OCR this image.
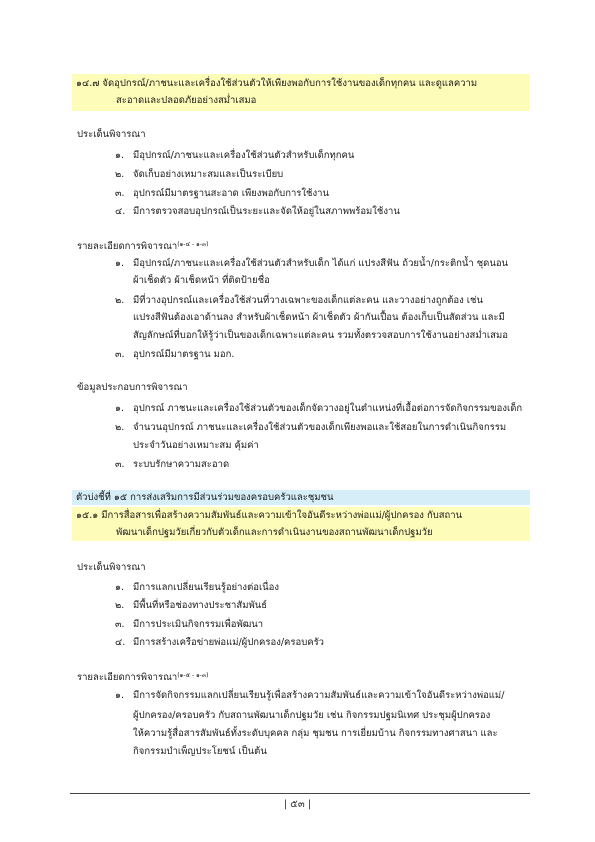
๑๔.๗ จัดอุปกรณ์/ภาชนะและเครื่องใช้ส่วนตัวให้เพียงพอกับการใช้งานของเด็กทุกคน และดูแลความ
สะอาดและปลอดภัยอย่างสม่ำเสมอ
ประเด็นพิจารณา
๑. มีอุปกรณ์/ภาชนะและเครื่องใช้ส่วนตัวสำหรับเด็กทุกคน
๒. จัดเก็บอย่างเหมาะสมและเป็นระเบียบ
๓. อุปกรณ์มีมาตรฐานสะอาด เพียงพอกับการใช้งาน
๔. มีการตรวจสอบอุปกรณ์เป็นระยะและจัดให้อยู่ในสภาพพร้อมใช้งาน
รายละเอียดการพิจารณา$^{(๑-๔ - ๑-๓)}$
๑. มีอุปกรณ์/ภาชนะและเครื่องใช้ส่วนตัวสำหรับเด็ก ได้แก่ แปรงสีฟัน ถ้วยน้ำ/กระติกน้ำ ชุดนอน
ผ้าเช็ดตัว ผ้าเช็ดหน้า ที่ติดป้ายชื่อ
๒. มีที่วางอุปกรณ์และเครื่องใช้ส่วนที่วางเฉพาะของเด็กแต่ละคน และวางอย่างถูกต้อง เช่น
แปรงสีฟันต้องเอาด้านลง สำหรับผ้าเช็ดหน้า ผ้าเช็ดตัว ผ้ากันเปื้อน ต้องเก็บเป็นสัดส่วน และมี
สัญลักษณ์ที่บอกให้รู้ว่าเป็นของเด็กเฉพาะแต่ละคน รวมทั้งตรวจสอบการใช้งานอย่างสม่ำเสมอ
๓. อุปกรณ์มีมาตรฐาน มอก.
ข้อมูลประกอบการพิจารณา
๑. อุปกรณ์ ภาชนะและเครื่องใช้ส่วนตัวของเด็กจัดวางอยู่ในตำแหน่งที่เอื้อต่อการจัดกิจกรรมของเด็ก
๒. จำนวนอุปกรณ์ ภาชนะและเครื่องใช้ส่วนตัวของเด็กเพียงพอและใช้สอยในการดำเนินกิจกรรม
ประจำวันอย่างเหมาะสม คุ้มค่า
๓. ระบบรักษาความสะอาด
ตัวบ่งชี้ที่ ๑๕ การส่งเสริมการมีส่วนร่วมของครอบครัวและชุมชน
๑๕.๑ มีการสื่อสารเพื่อสร้างความสัมพันธ์และความเข้าใจอันดีระหว่างพ่อแม่/ผู้ปกครอง กับสถาน
พัฒนาเด็กปฐมวัยเกี่ยวกับตัวเด็กและการดำเนินงานของสถานพัฒนาเด็กปฐมวัย
ประเด็นพิจารณา
๑. มีการแลกเปลี่ยนเรียนรู้อย่างต่อเนื่อง
๒. มีพื้นที่หรือช่องทางประชาสัมพันธ์
๓. มีการประเมินกิจกรรมเพื่อพัฒนา
๔. มีการสร้างเครือข่ายพ่อแม่/ผู้ปกครอง/ครอบครัว
รายละเอียดการพิจารณา$^{(๑-๕ - ๑-๓)}$
๑. มีการจัดกิจกรรมแลกเปลี่ยนเรียนรู้เพื่อสร้างความสัมพันธ์และความเข้าใจอันดีระหว่างพ่อแม่/
ผู้ปกครอง/ครอบครัว กับสถานพัฒนาเด็กปฐมวัย เช่น กิจกรรมปฐมนิเทศ ประชุมผู้ปกครอง
ให้ความรู้สื่อสารสัมพันธ์ทั้งระดับบุคคล กลุ่ม ชุมชน การเยี่ยมบ้าน กิจกรรมทางศาสนา และ
กิจกรรมบำเพ็ญประโยชน์ เป็นต้น
| ๕๓ |
